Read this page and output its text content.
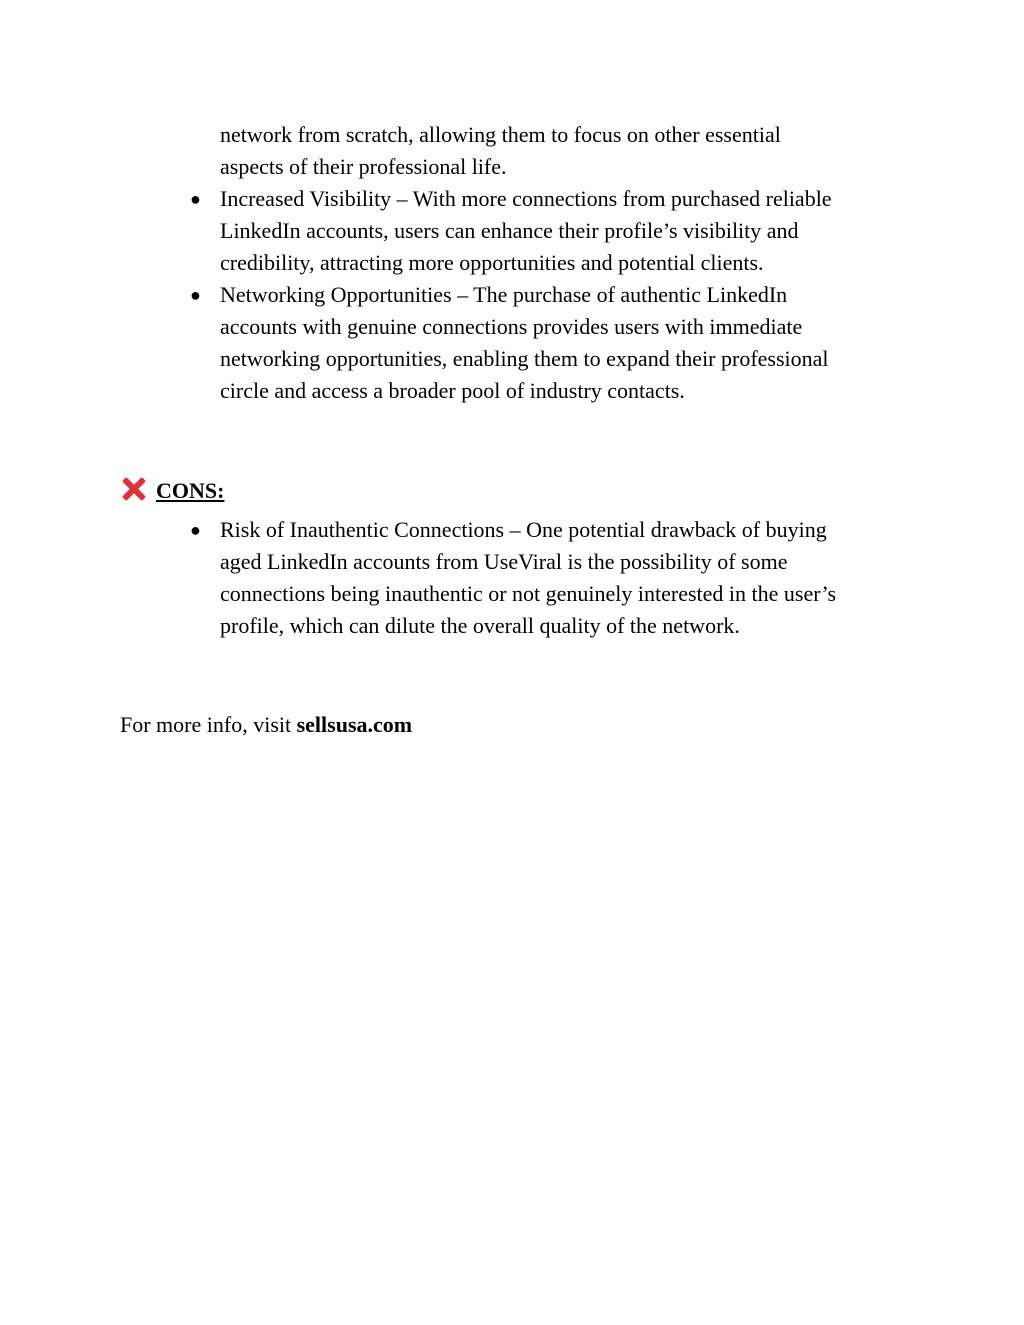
network from scratch, allowing them to focus on other essential
aspects of their professional life.
● Increased Visibility – With more connections from purchased reliable
LinkedIn accounts, users can enhance their profile’s visibility and
credibility, attracting more opportunities and potential clients.
● Networking Opportunities – The purchase of authentic LinkedIn
accounts with genuine connections provides users with immediate
networking opportunities, enabling them to expand their professional
circle and access a broader pool of industry contacts.
CONS:
● Risk of Inauthentic Connections – One potential drawback of buying
aged LinkedIn accounts from UseViral is the possibility of some
connections being inauthentic or not genuinely interested in the user’s
profile, which can dilute the overall quality of the network.
For more info, visit sellsusa.com
